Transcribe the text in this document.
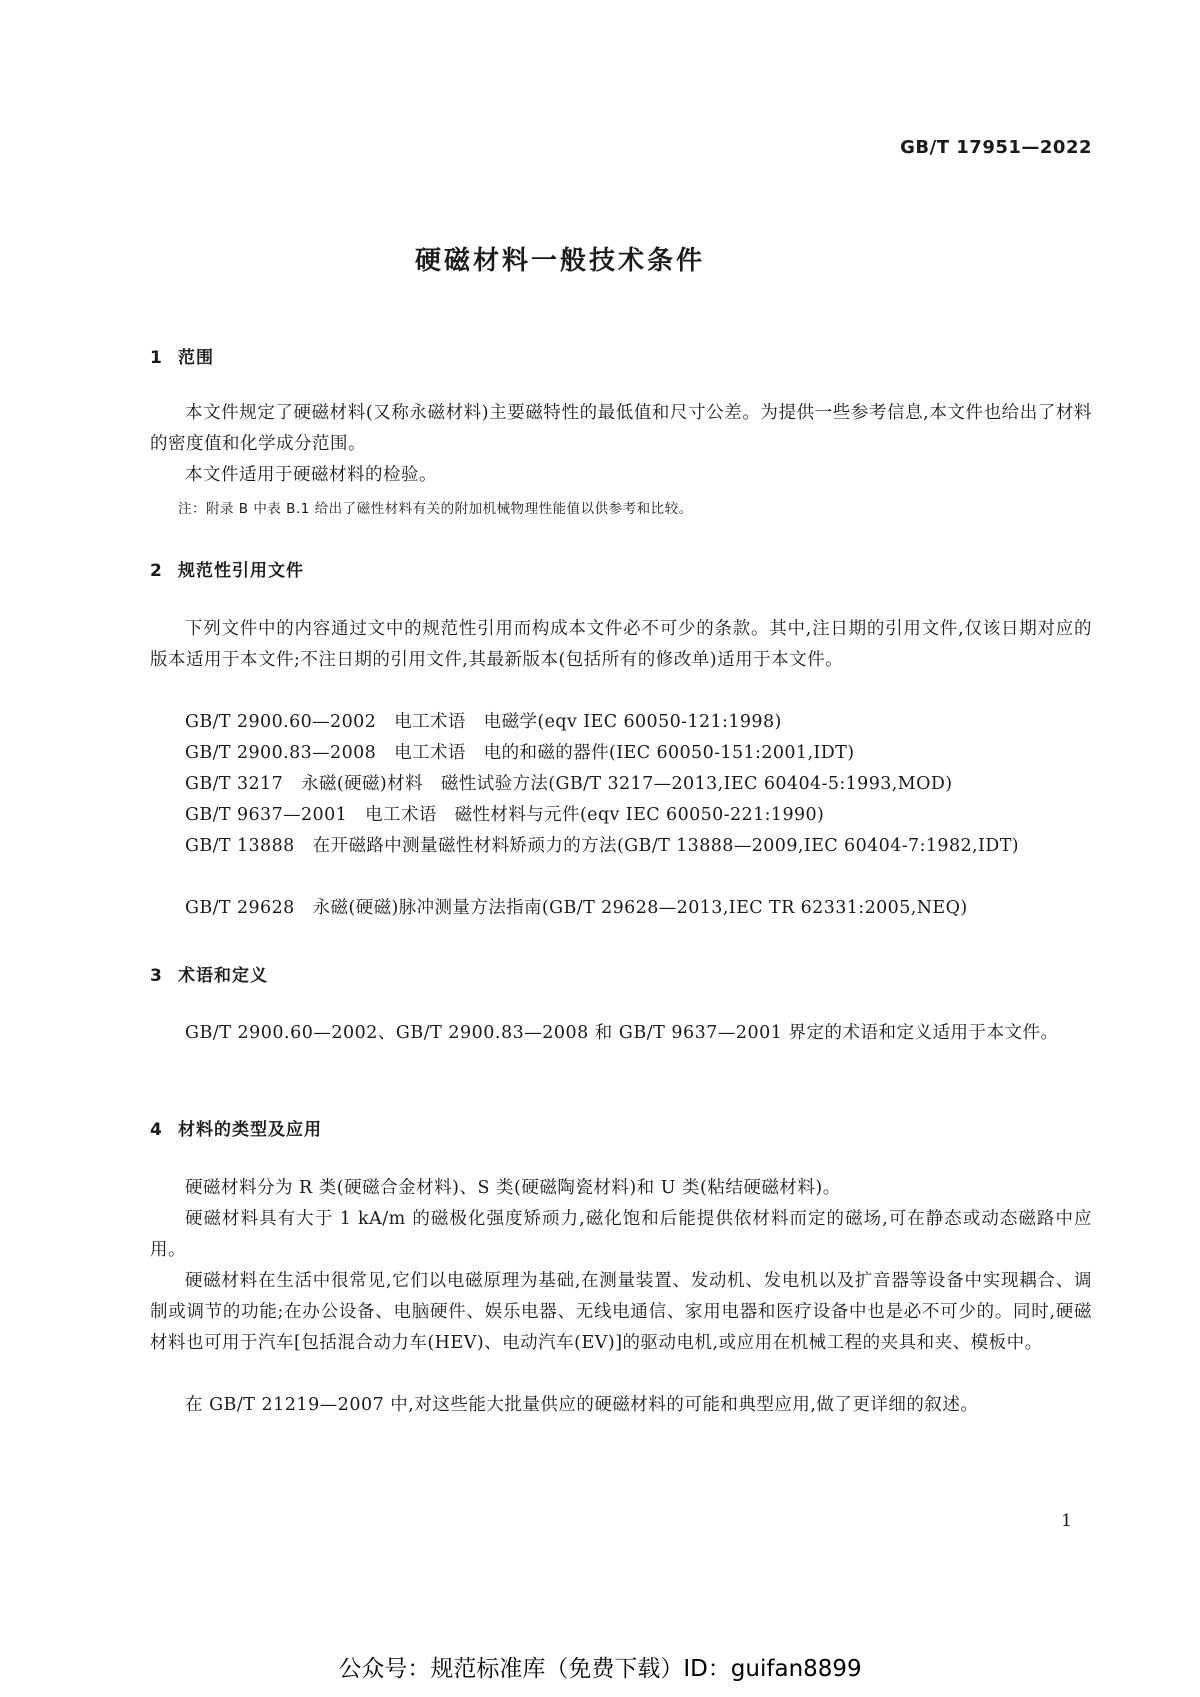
GB/T 17951—2022
硬磁材料一般技术条件
1 范围
本文件规定了硬磁材料(又称永磁材料)主要磁特性的最低值和尺寸公差。为提供一些参考信息,本文件也给出了材料的密度值和化学成分范围。
本文件适用于硬磁材料的检验。
注：附录 B 中表 B.1 给出了磁性材料有关的附加机械物理性能值以供参考和比较。
2 规范性引用文件
下列文件中的内容通过文中的规范性引用而构成本文件必不可少的条款。其中,注日期的引用文件,仅该日期对应的版本适用于本文件;不注日期的引用文件,其最新版本(包括所有的修改单)适用于本文件。
GB/T 2900.60—2002 电工术语　电磁学(eqv IEC 60050-121:1998)
GB/T 2900.83—2008 电工术语　电的和磁的器件(IEC 60050-151:2001,IDT)
GB/T 3217 永磁(硬磁)材料　磁性试验方法(GB/T 3217—2013,IEC 60404-5:1993,MOD)
GB/T 9637—2001 电工术语　磁性材料与元件(eqv IEC 60050-221:1990)
GB/T 13888 在开磁路中测量磁性材料矫顽力的方法(GB/T 13888—2009,IEC 60404-7:1982,IDT)
GB/T 29628 永磁(硬磁)脉冲测量方法指南(GB/T 29628—2013,IEC TR 62331:2005,NEQ)
3 术语和定义
GB/T 2900.60—2002、GB/T 2900.83—2008 和 GB/T 9637—2001 界定的术语和定义适用于本文件。
4 材料的类型及应用
硬磁材料分为 R 类(硬磁合金材料)、S 类(硬磁陶瓷材料)和 U 类(粘结硬磁材料)。
硬磁材料具有大于 1 kA/m 的磁极化强度矫顽力,磁化饱和后能提供依材料而定的磁场,可在静态或动态磁路中应用。
硬磁材料在生活中很常见,它们以电磁原理为基础,在测量装置、发动机、发电机以及扩音器等设备中实现耦合、调制或调节的功能;在办公设备、电脑硬件、娱乐电器、无线电通信、家用电器和医疗设备中也是必不可少的。同时,硬磁材料也可用于汽车[包括混合动力车(HEV)、电动汽车(EV)]的驱动电机,或应用在机械工程的夹具和夹、模板中。
在 GB/T 21219—2007 中,对这些能大批量供应的硬磁材料的可能和典型应用,做了更详细的叙述。
1
公众号：规范标准库（免费下载）ID：guifan8899
